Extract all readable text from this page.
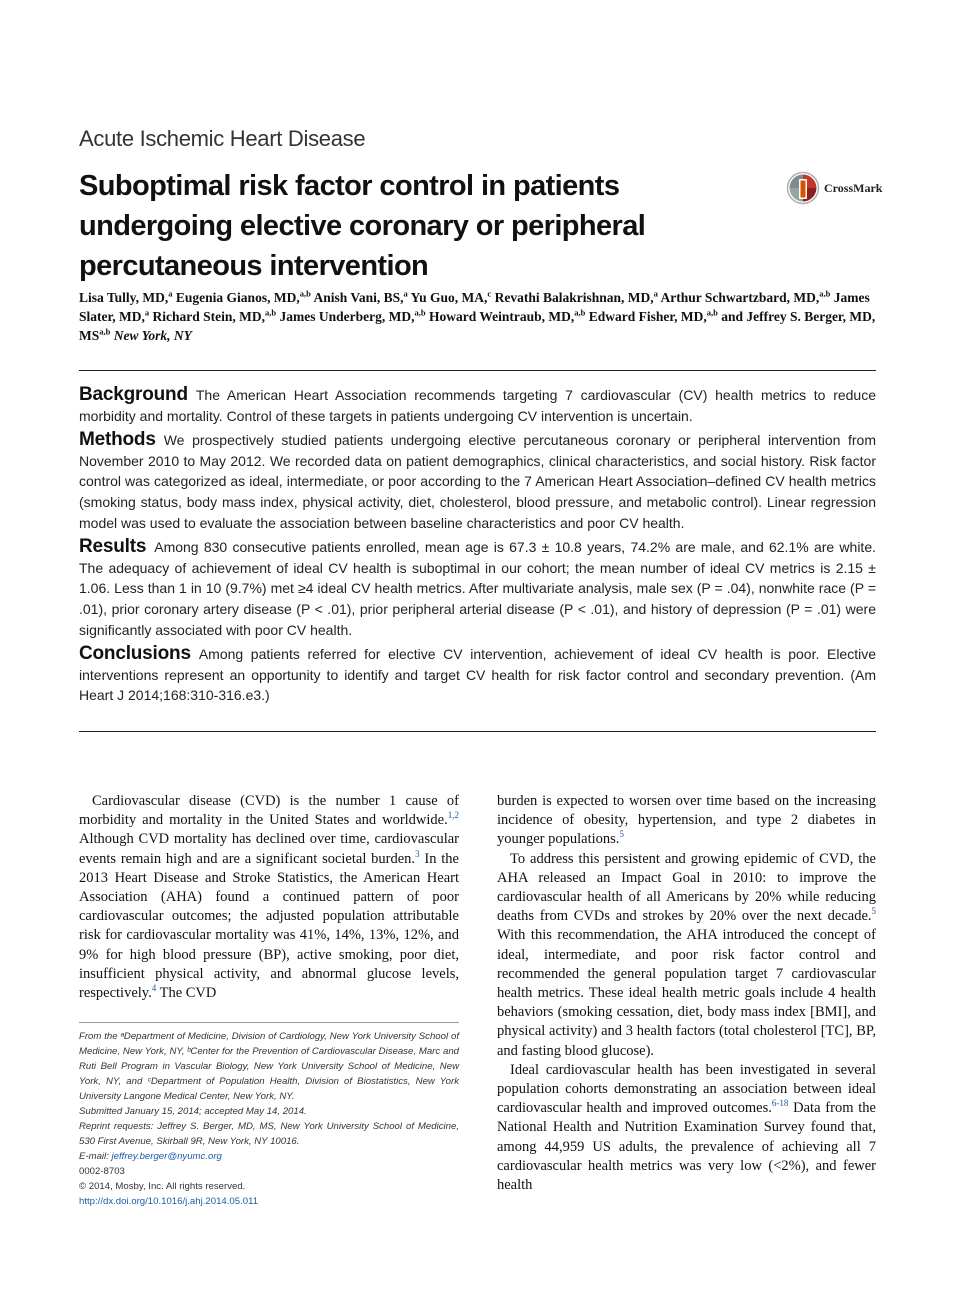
Acute Ischemic Heart Disease
Suboptimal risk factor control in patients undergoing elective coronary or peripheral percutaneous intervention
CrossMark
Lisa Tully, MD,$^a$ Eugenia Gianos, MD,$^{a,b}$ Anish Vani, BS,$^a$ Yu Guo, MA,$^c$ Revathi Balakrishnan, MD,$^a$ Arthur Schwartzbard, MD,$^{a,b}$ James Slater, MD,$^a$ Richard Stein, MD,$^{a,b}$ James Underberg, MD,$^{a,b}$ Howard Weintraub, MD,$^{a,b}$ Edward Fisher, MD,$^{a,b}$ and Jeffrey S. Berger, MD, MS$^{a,b}$ New York, NY

Background The American Heart Association recommends targeting 7 cardiovascular (CV) health metrics to reduce morbidity and mortality. Control of these targets in patients undergoing CV intervention is uncertain.

Methods We prospectively studied patients undergoing elective percutaneous coronary or peripheral intervention from November 2010 to May 2012. We recorded data on patient demographics, clinical characteristics, and social history. Risk factor control was categorized as ideal, intermediate, or poor according to the 7 American Heart Association–defined CV health metrics (smoking status, body mass index, physical activity, diet, cholesterol, blood pressure, and metabolic control). Linear regression model was used to evaluate the association between baseline characteristics and poor CV health.

Results Among 830 consecutive patients enrolled, mean age is 67.3 ± 10.8 years, 74.2% are male, and 62.1% are white. The adequacy of achievement of ideal CV health is suboptimal in our cohort; the mean number of ideal CV metrics is 2.15 ± 1.06. Less than 1 in 10 (9.7%) met ≥4 ideal CV health metrics. After multivariate analysis, male sex (P = .04), nonwhite race (P = .01), prior coronary artery disease (P < .01), prior peripheral arterial disease (P < .01), and history of depression (P = .01) were significantly associated with poor CV health.

Conclusions Among patients referred for elective CV intervention, achievement of ideal CV health is poor. Elective interventions represent an opportunity to identify and target CV health for risk factor control and secondary prevention. (Am Heart J 2014;168:310-316.e3.)

Cardiovascular disease (CVD) is the number 1 cause of morbidity and mortality in the United States and worldwide.$^{1,2}$ Although CVD mortality has declined over time, cardiovascular events remain high and are a significant societal burden.$^3$ In the 2013 Heart Disease and Stroke Statistics, the American Heart Association (AHA) found a continued pattern of poor cardiovascular outcomes; the adjusted population attributable risk for cardiovascular mortality was 41%, 14%, 13%, 12%, and 9% for high blood pressure (BP), active smoking, poor diet, insufficient physical activity, and abnormal glucose levels, respectively.$^4$ The CVD

burden is expected to worsen over time based on the increasing incidence of obesity, hypertension, and type 2 diabetes in younger populations.$^5$

To address this persistent and growing epidemic of CVD, the AHA released an Impact Goal in 2010: to improve the cardiovascular health of all Americans by 20% while reducing deaths from CVDs and strokes by 20% over the next decade.$^5$ With this recommendation, the AHA introduced the concept of ideal, intermediate, and poor risk factor control and recommended the general population target 7 cardiovascular health metrics. These ideal health metric goals include 4 health behaviors (smoking cessation, diet, body mass index [BMI], and physical activity) and 3 health factors (total cholesterol [TC], BP, and fasting blood glucose).

Ideal cardiovascular health has been investigated in several population cohorts demonstrating an association between ideal cardiovascular health and improved outcomes.$^{6-18}$ Data from the National Health and Nutrition Examination Survey found that, among 44,959 US adults, the prevalence of achieving all 7 cardiovascular health metrics was very low (<2%), and fewer health

From the ᵃDepartment of Medicine, Division of Cardiology, New York University School of Medicine, New York, NY, ᵇCenter for the Prevention of Cardiovascular Disease, Marc and Ruti Bell Program in Vascular Biology, New York University School of Medicine, New York, NY, and ᶜDepartment of Population Health, Division of Biostatistics, New York University Langone Medical Center, New York, NY.
Submitted January 15, 2014; accepted May 14, 2014.
Reprint requests: Jeffrey S. Berger, MD, MS, New York University School of Medicine, 530 First Avenue, Skirball 9R, New York, NY 10016.
E-mail: jeffrey.berger@nyumc.org
0002-8703
© 2014, Mosby, Inc. All rights reserved.
http://dx.doi.org/10.1016/j.ahj.2014.05.011
